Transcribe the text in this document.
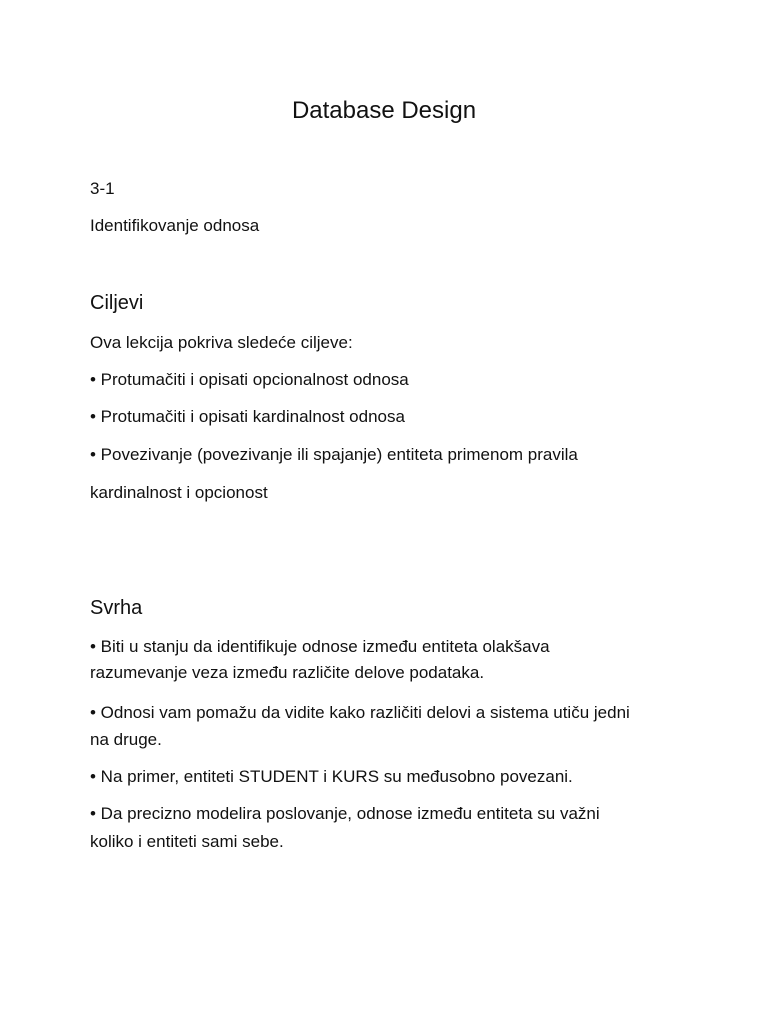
Database Design

3-1

Identifikovanje odnosa

Ciljevi

Ova lekcija pokriva sledeće ciljeve:

• Protumačiti i opisati opcionalnost odnosa

• Protumačiti i opisati kardinalnost odnosa

• Povezivanje (povezivanje ili spajanje) entiteta primenom pravila

kardinalnost i opcionost

Svrha

• Biti u stanju da identifikuje odnose između entiteta olakšava

razumevanje veza između različite delove podataka.

• Odnosi vam pomažu da vidite kako različiti delovi a sistema utiču jedni

na druge.

• Na primer, entiteti STUDENT i KURS su međusobno povezani.

• Da precizno modelira poslovanje, odnose između entiteta su važni

koliko i entiteti sami sebe.
